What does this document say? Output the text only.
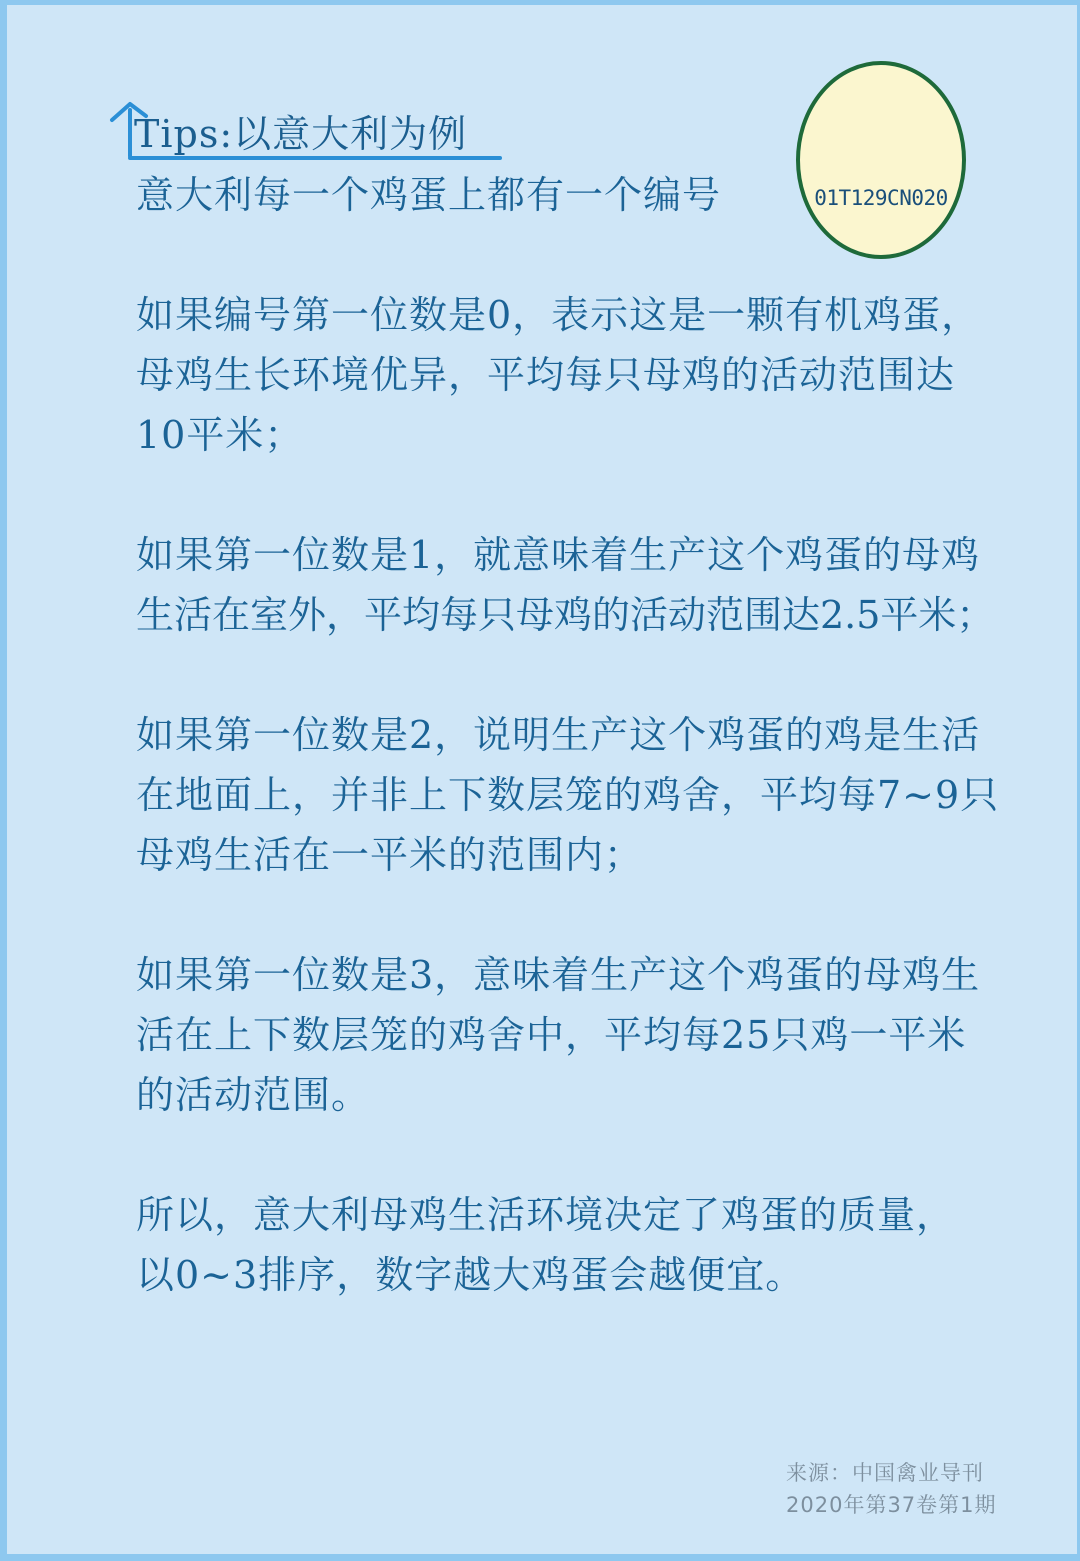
Tips:以意大利为例
01T129CN020
意大利每一个鸡蛋上都有一个编号
如果编号第一位数是0，表示这是一颗有机鸡蛋，
母鸡生长环境优异，平均每只母鸡的活动范围达
10平米；
如果第一位数是1，就意味着生产这个鸡蛋的母鸡
生活在室外，平均每只母鸡的活动范围达2.5平米；
如果第一位数是2，说明生产这个鸡蛋的鸡是生活
在地面上，并非上下数层笼的鸡舍，平均每7~9只
母鸡生活在一平米的范围内；
如果第一位数是3，意味着生产这个鸡蛋的母鸡生
活在上下数层笼的鸡舍中，平均每25只鸡一平米
的活动范围。
所以，意大利母鸡生活环境决定了鸡蛋的质量，
以0~3排序，数字越大鸡蛋会越便宜。
来源：中国禽业导刊
2020年第37卷第1期
